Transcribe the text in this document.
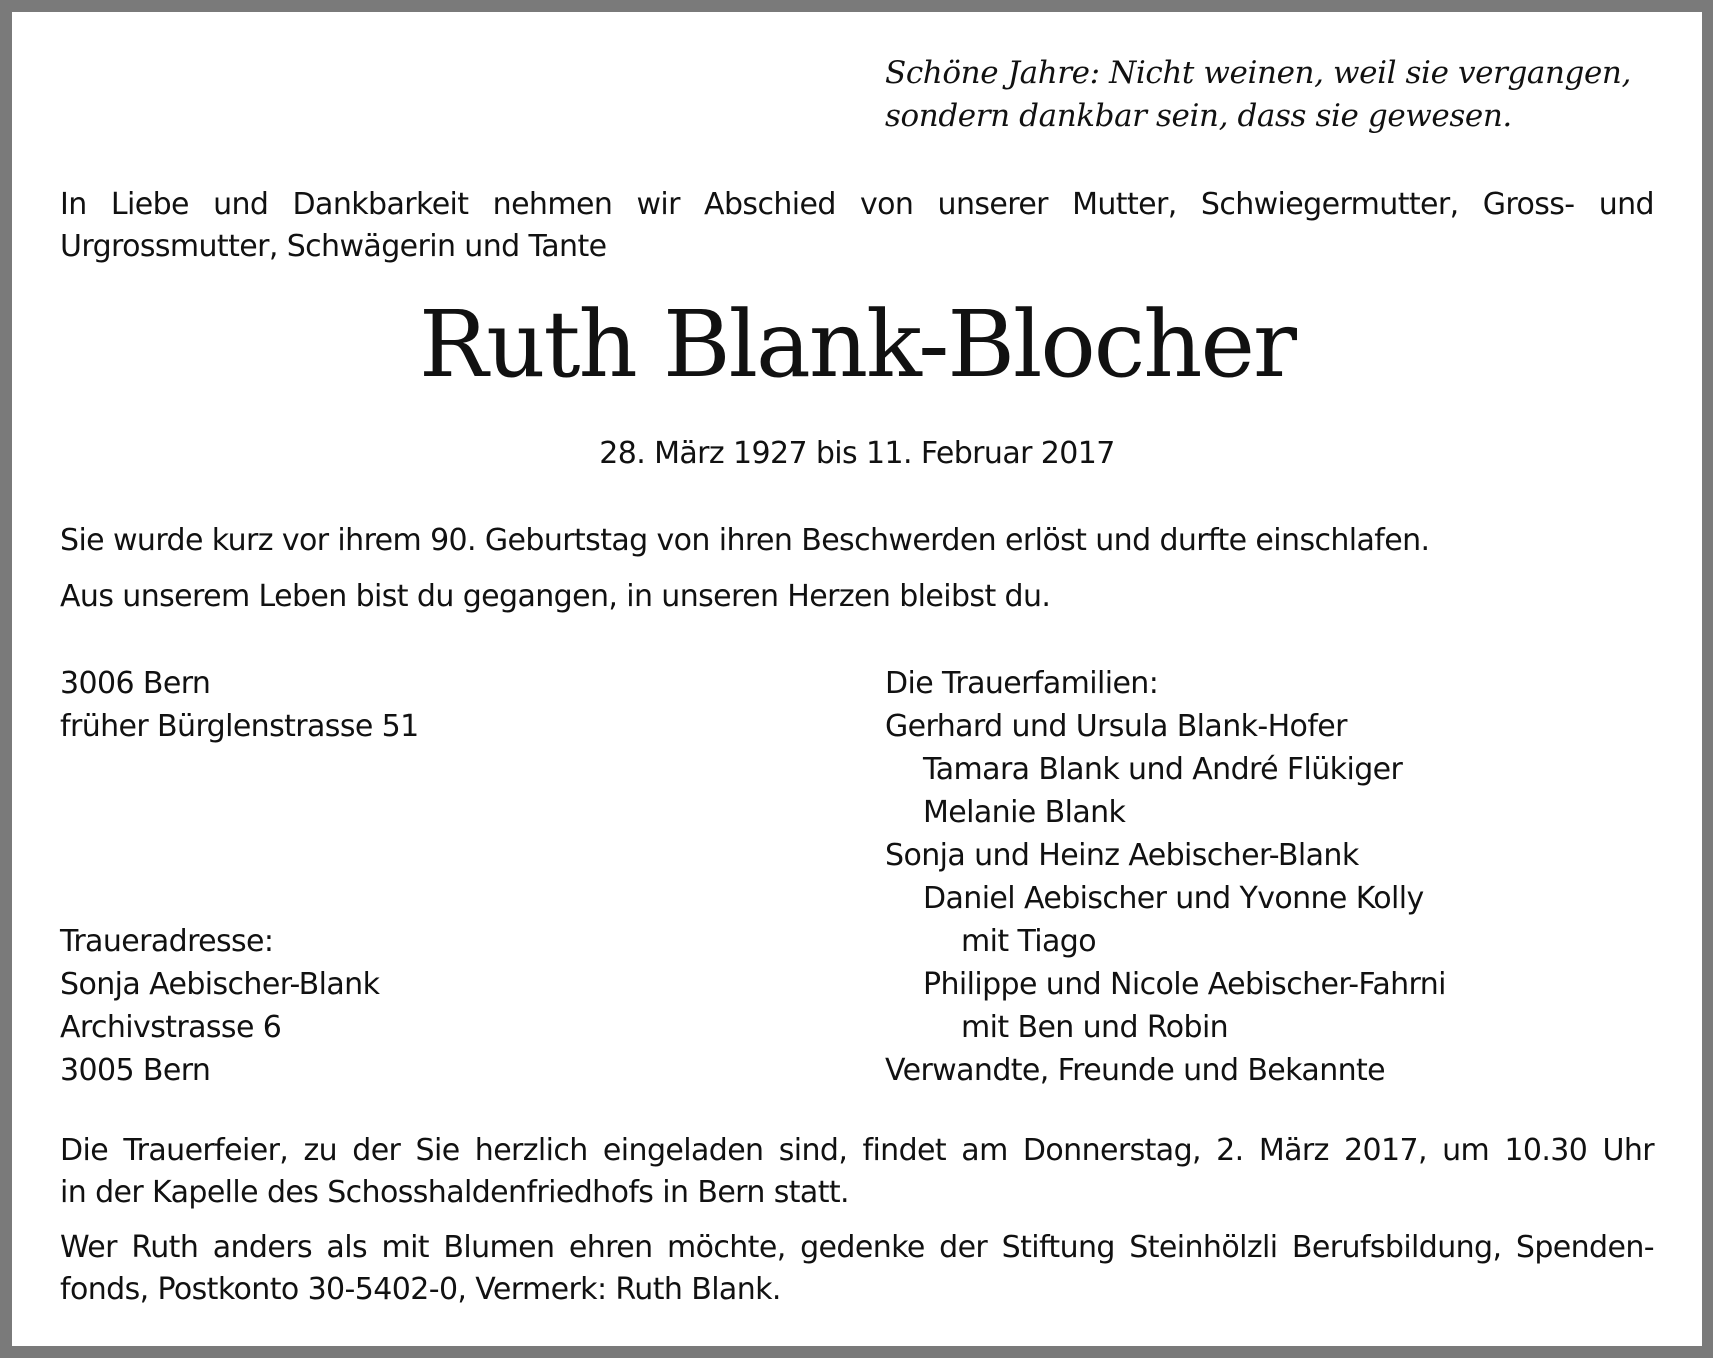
Schöne Jahre: Nicht weinen, weil sie vergangen,
sondern dankbar sein, dass sie gewesen.
In Liebe und Dankbarkeit nehmen wir Abschied von unserer Mutter, Schwiegermutter, Gross- und
Urgrossmutter, Schwägerin und Tante
Ruth Blank-Blocher
28. März 1927 bis 11. Februar 2017
Sie wurde kurz vor ihrem 90. Geburtstag von ihren Beschwerden erlöst und durfte einschlafen.
Aus unserem Leben bist du gegangen, in unseren Herzen bleibst du.
3006 Bern
früher Bürglenstrasse 51
Traueradresse:
Sonja Aebischer-Blank
Archivstrasse 6
3005 Bern
Die Trauerfamilien:
Gerhard und Ursula Blank-Hofer
Tamara Blank und André Flükiger
Melanie Blank
Sonja und Heinz Aebischer-Blank
Daniel Aebischer und Yvonne Kolly
mit Tiago
Philippe und Nicole Aebischer-Fahrni
mit Ben und Robin
Verwandte, Freunde und Bekannte
Die Trauerfeier, zu der Sie herzlich eingeladen sind, findet am Donnerstag, 2. März 2017, um 10.30 Uhr
in der Kapelle des Schosshaldenfriedhofs in Bern statt.
Wer Ruth anders als mit Blumen ehren möchte, gedenke der Stiftung Steinhölzli Berufsbildung, Spenden-
fonds, Postkonto 30-5402-0, Vermerk: Ruth Blank.
